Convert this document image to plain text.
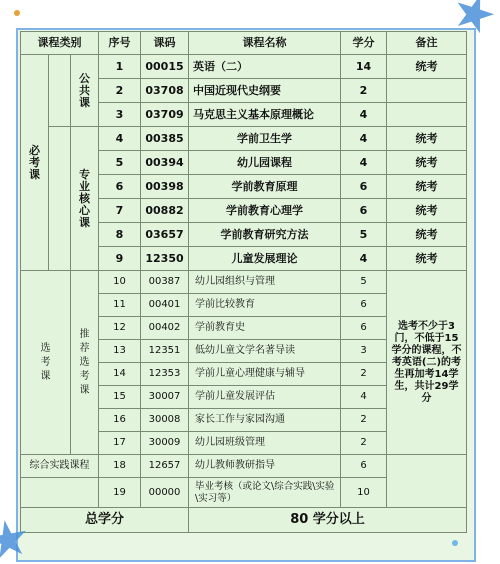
课程类别			序号	课码	课程名称	学分	备注
必考课		公共课	1	00015	英语（二）	14	统考
			2	03708	中国近现代史纲要	2	
			3	03709	马克思主义基本原理概论	4	
		专业核心课	4	00385	学前卫生学	4	统考
			5	00394	幼儿园课程	4	统考
			6	00398	学前教育原理	6	统考
			7	00882	学前教育心理学	6	统考
			8	03657	学前教育研究方法	5	统考
			9	12350	儿童发展理论	4	统考
选考课		推荐选考课	10	00387	幼儿园组织与管理	5	选考不少于3门，不低于15学分的课程，不考英语(二)的考生再加考14学生，共计29学分
			11	00401	学前比较教育	6	
			12	00402	学前教育史	6	
			13	12351	低幼儿童文学名著导读	3	
			14	12353	学前儿童心理健康与辅导	2	
			15	30007	学前儿童发展评估	4	
			16	30008	家长工作与家园沟通	2	
			17	30009	幼儿园班级管理	2	
综合实践课程			18	12657	幼儿教师教研指导	6	
			19	00000	毕业考核（或论文\综合实践\实验\实习等）	10	
总学分					80 学分以上		
